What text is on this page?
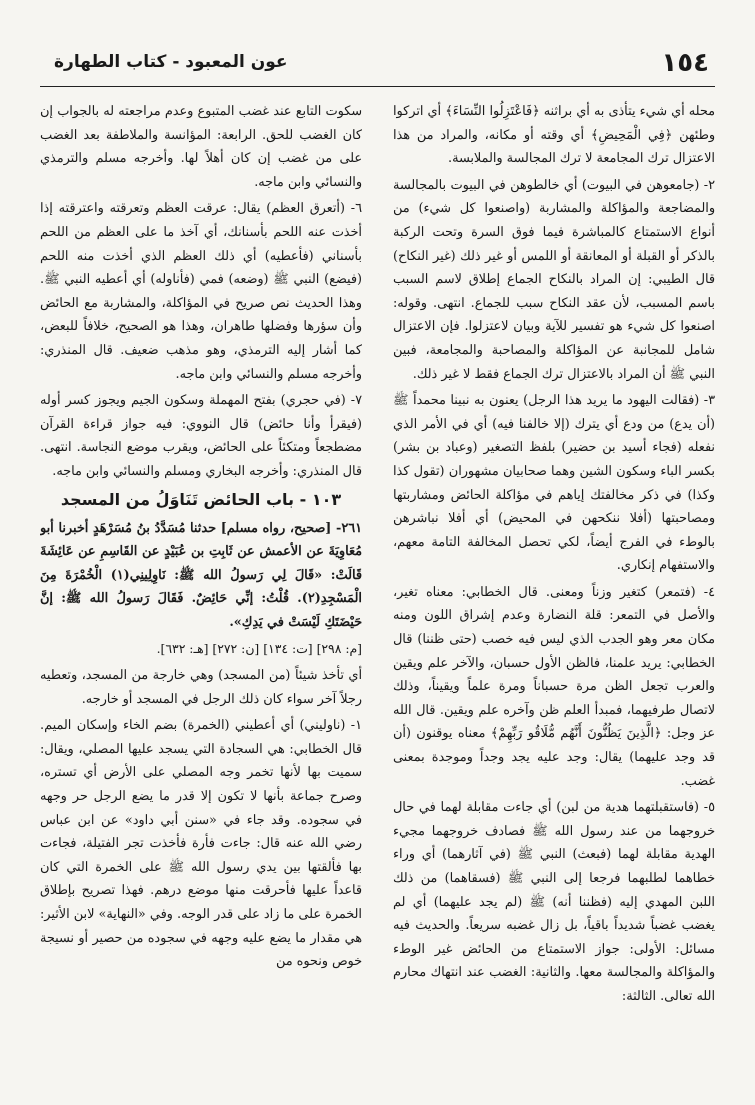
١٥٤
عون المعبود - كتاب الطهارة

محله أي شيء يتأذى به أي براثنه ﴿فَاعْتَزِلُوا النِّسَاءَ﴾ أي اتركوا وطئهن ﴿فِي الْمَحِيضِ﴾ أي وقته أو مكانه، والمراد من هذا الاعتزال ترك المجامعة لا ترك المجالسة والملابسة.

٢- (جامعوهن في البيوت) أي خالطوهن في البيوت بالمجالسة والمضاجعة والمؤاكلة والمشاربة (واصنعوا كل شيء) من أنواع الاستمتاع كالمباشرة فيما فوق السرة وتحت الركبة بالذكر أو القبلة أو المعانقة أو اللمس أو غير ذلك (غير النكاح) قال الطيبي: إن المراد بالنكاح الجماع إطلاق لاسم السبب باسم المسبب، لأن عقد النكاح سبب للجماع. انتهى. وقوله: اصنعوا كل شيء هو تفسير للآية وبيان لاعتزلوا. فإن الاعتزال شامل للمجانبة عن المؤاكلة والمصاحبة والمجامعة، فبين النبي ﷺ أن المراد بالاعتزال ترك الجماع فقط لا غير ذلك.

٣- (فقالت اليهود ما يريد هذا الرجل) يعنون به نبينا محمداً ﷺ (أن يدع) من ودع أي يترك (إلا خالفنا فيه) أي في الأمر الذي نفعله (فجاء أسيد بن حضير) بلفظ التصغير (وعباد بن بشر) بكسر الباء وسكون الشين وهما صحابيان مشهوران (تقول كذا وكذا) في ذكر مخالفتك إياهم في مؤاكلة الحائض ومشاربتها ومصاحبتها (أفلا ننكحهن في المحيض) أي أفلا نباشرهن بالوطء في الفرج أيضاً، لكي تحصل المخالفة التامة معهم، والاستفهام إنكاري.

٤- (فتمعر) كتغير وزناً ومعنى. قال الخطابي: معناه تغير، والأصل في التمعر: قلة النضارة وعدم إشراق اللون ومنه مكان معر وهو الجدب الذي ليس فيه خصب (حتى ظننا) قال الخطابي: يريد علمنا، فالظن الأول حسبان، والآخر علم ويقين والعرب تجعل الظن مرة حسباناً ومرة علماً ويقيناً، وذلك لاتصال طرفيهما، فمبدأ العلم ظن وآخره علم ويقين. قال الله عز وجل: ﴿الَّذِينَ يَظُنُّونَ أَنَّهُم مُّلَاقُو رَبِّهِمْ﴾ معناه يوقنون (أن قد وجد عليهما) يقال: وجد عليه يجد وجداً وموجدة بمعنى غضب.

٥- (فاستقبلتهما هدية من لبن) أي جاءت مقابلة لهما في حال خروجهما من عند رسول الله ﷺ فصادف خروجهما مجيء الهدية مقابلة لهما (فبعث) النبي ﷺ (في آثارهما) أي وراء خطاهما لطلبهما فرجعا إلى النبي ﷺ (فسقاهما) من ذلك اللبن المهدي إليه (فظننا أنه) ﷺ (لم يجد عليهما) أي لم يغضب غضباً شديداً باقياً، بل زال غضبه سريعاً. والحديث فيه مسائل: الأولى: جواز الاستمتاع من الحائض غير الوطء والمؤاكلة والمجالسة معها. والثانية: الغضب عند انتهاك محارم الله تعالى. الثالثة:

سكوت التابع عند غضب المتبوع وعدم مراجعته له بالجواب إن كان الغضب للحق. الرابعة: المؤانسة والملاطفة بعد الغضب على من غضب إن كان أهلاً لها. وأخرجه مسلم والترمذي والنسائي وابن ماجه.

٦- (أتعرق العظم) يقال: عرقت العظم وتعرقته واعترقته إذا أخذت عنه اللحم بأسنانك، أي آخذ ما على العظم من اللحم بأسناني (فأعطيه) أي ذلك العظم الذي أخذت منه اللحم (فيضع) النبي ﷺ (وضعه) فمي (فأناوله) أي أعطيه النبي ﷺ. وهذا الحديث نص صريح في المؤاكلة، والمشاربة مع الحائض وأن سؤرها وفضلها طاهران، وهذا هو الصحيح، خلافاً للبعض، كما أشار إليه الترمذي، وهو مذهب ضعيف. قال المنذري: وأخرجه مسلم والنسائي وابن ماجه.

٧- (في حجري) بفتح المهملة وسكون الجيم ويجوز كسر أوله (فيقرأ وأنا حائض) قال النووي: فيه جواز قراءة القرآن مضطجعاً ومتكئاً على الحائض، ويقرب موضع النجاسة. انتهى. قال المنذري: وأخرجه البخاري ومسلم والنسائي وابن ماجه.

١٠٣ - باب الحائض تَنَاوَلُ من المسجد

٢٦١- [صحيح، رواه مسلم] حدثنا مُسَدَّدُ بنُ مُسَرْهَدٍ أخبرنا أبو مُعَاوِيَةَ عن الأعمش عن ثَابِتِ بن عُبَيْدٍ عن القَاسِمِ عن عَائِشَةَ قَالَتْ: «قَالَ لِي رَسولُ الله ﷺ: نَاوِلِينِي(١) الْخُمْرَةَ مِنَ الْمَسْجِدِ(٢). قُلْتُ: إنِّي حَائِضٌ. فَقَالَ رَسولُ الله ﷺ: إنَّ حَيْضَتَكِ لَيْسَتْ في يَدِكِ».

[م: ٢٩٨] [ت: ١٣٤] [ن: ٢٧٢] [هـ: ٦٣٢].

أي تأخذ شيئاً (من المسجد) وهي خارجة من المسجد، وتعطيه رجلاً آخر سواء كان ذلك الرجل في المسجد أو خارجه.

١- (ناوليني) أي أعطيني (الخمرة) بضم الخاء وإسكان الميم. قال الخطابي: هي السجادة التي يسجد عليها المصلي، ويقال: سميت بها لأنها تخمر وجه المصلي على الأرض أي تستره، وصرح جماعة بأنها لا تكون إلا قدر ما يضع الرجل حر وجهه في سجوده. وقد جاء في «سنن أبي داود» عن ابن عباس رضي الله عنه قال: جاءت فأرة فأخذت تجر الفتيلة، فجاءت بها فألقتها بين يدي رسول الله ﷺ على الخمرة التي كان قاعداً عليها فأحرقت منها موضع درهم. فهذا تصريح بإطلاق الخمرة على ما زاد على قدر الوجه. وفي «النهاية» لابن الأثير: هي مقدار ما يضع عليه وجهه في سجوده من حصير أو نسيجة خوص ونحوه من
